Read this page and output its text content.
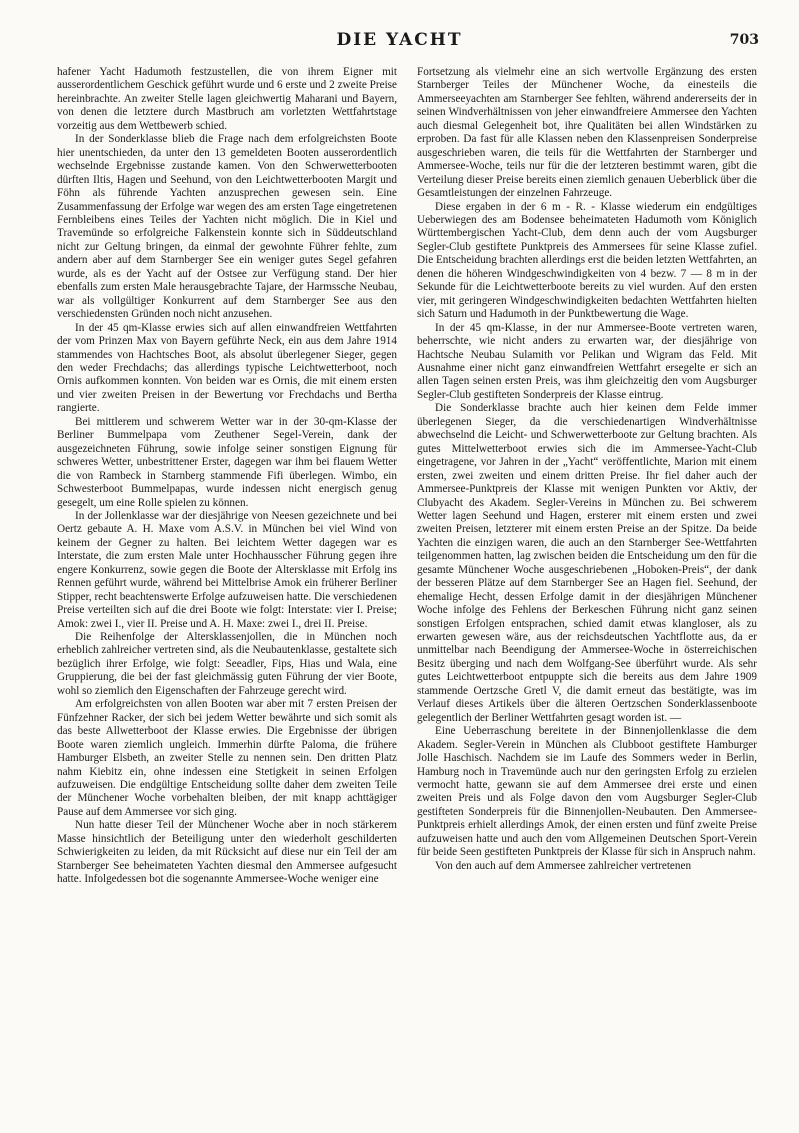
DIE YACHT	703

hafener Yacht Hadumoth festzustellen, die von ihrem Eigner mit ausserordentlichem Geschick geführt wurde und 6 erste und 2 zweite Preise hereinbrachte. An zweiter Stelle lagen gleichwertig Maharani und Bayern, von denen die letztere durch Mastbruch am vorletzten Wettfahrtstage vorzeitig aus dem Wettbewerb schied.

In der Sonderklasse blieb die Frage nach dem erfolgreichsten Boote hier unentschieden, da unter den 13 gemeldeten Booten ausserordentlich wechselnde Ergebnisse zustande kamen. Von den Schwerwetterbooten dürften Iltis, Hagen und Seehund, von den Leichtwetterbooten Margit und Föhn als führende Yachten anzusprechen gewesen sein. Eine Zusammenfassung der Erfolge war wegen des am ersten Tage eingetretenen Fernbleibens eines Teiles der Yachten nicht möglich. Die in Kiel und Travemünde so erfolgreiche Falkenstein konnte sich in Süddeutschland nicht zur Geltung bringen, da einmal der gewohnte Führer fehlte, zum andern aber auf dem Starnberger See ein weniger gutes Segel gefahren wurde, als es der Yacht auf der Ostsee zur Verfügung stand. Der hier ebenfalls zum ersten Male herausgebrachte Tajare, der Harmssche Neubau, war als vollgültiger Konkurrent auf dem Starnberger See aus den verschiedensten Gründen noch nicht anzusehen.

In der 45 qm-Klasse erwies sich auf allen einwandfreien Wettfahrten der vom Prinzen Max von Bayern geführte Neck, ein aus dem Jahre 1914 stammendes von Hachtsches Boot, als absolut überlegener Sieger, gegen den weder Frechdachs; das allerdings typische Leichtwetterboot, noch Ornis aufkommen konnten. Von beiden war es Ornis, die mit einem ersten und vier zweiten Preisen in der Bewertung vor Frechdachs und Bertha rangierte.

Bei mittlerem und schwerem Wetter war in der 30-qm-Klasse der Berliner Bummelpapa vom Zeuthener Segel-Verein, dank der ausgezeichneten Führung, sowie infolge seiner sonstigen Eignung für schweres Wetter, unbestrittener Erster, dagegen war ihm bei flauem Wetter die von Rambeck in Starnberg stammende Fifi überlegen. Wimbo, ein Schwesterboot Bummelpapas, wurde indessen nicht energisch genug gesegelt, um eine Rolle spielen zu können.

In der Jollenklasse war der diesjährige von Neesen gezeichnete und bei Oertz gebaute A. H. Maxe vom A.S.V. in München bei viel Wind von keinem der Gegner zu halten. Bei leichtem Wetter dagegen war es Interstate, die zum ersten Male unter Hochhausscher Führung gegen ihre engere Konkurrenz, sowie gegen die Boote der Altersklasse mit Erfolg ins Rennen geführt wurde, während bei Mittelbrise Amok ein früherer Berliner Stipper, recht beachtenswerte Erfolge aufzuweisen hatte. Die verschiedenen Preise verteilten sich auf die drei Boote wie folgt: Interstate: vier I. Preise; Amok: zwei I., vier II. Preise und A. H. Maxe: zwei I., drei II. Preise.

Die Reihenfolge der Altersklassenjollen, die in München noch erheblich zahlreicher vertreten sind, als die Neubautenklasse, gestaltete sich bezüglich ihrer Erfolge, wie folgt: Seeadler, Fips, Hias und Wala, eine Gruppierung, die bei der fast gleichmässig guten Führung der vier Boote, wohl so ziemlich den Eigenschaften der Fahrzeuge gerecht wird.

Am erfolgreichsten von allen Booten war aber mit 7 ersten Preisen der Fünfzehner Racker, der sich bei jedem Wetter bewährte und sich somit als das beste Allwetterboot der Klasse erwies. Die Ergebnisse der übrigen Boote waren ziemlich ungleich. Immerhin dürfte Paloma, die frühere Hamburger Elsbeth, an zweiter Stelle zu nennen sein. Den dritten Platz nahm Kiebitz ein, ohne indessen eine Stetigkeit in seinen Erfolgen aufzuweisen. Die endgültige Entscheidung sollte daher dem zweiten Teile der Münchener Woche vorbehalten bleiben, der mit knapp achttägiger Pause auf dem Ammersee vor sich ging.

Nun hatte dieser Teil der Münchener Woche aber in noch stärkerem Masse hinsichtlich der Beteiligung unter den wiederholt geschilderten Schwierigkeiten zu leiden, da mit Rücksicht auf diese nur ein Teil der am Starnberger See beheimateten Yachten diesmal den Ammersee aufgesucht hatte. Infolgedessen bot die sogenannte Ammersee-Woche weniger eine

Fortsetzung als vielmehr eine an sich wertvolle Ergänzung des ersten Starnberger Teiles der Münchener Woche, da einesteils die Ammerseeyachten am Starnberger See fehlten, während andererseits der in seinen Windverhältnissen von jeher einwandfreiere Ammersee den Yachten auch diesmal Gelegenheit bot, ihre Qualitäten bei allen Windstärken zu erproben. Da fast für alle Klassen neben den Klassenpreisen Sonderpreise ausgeschrieben waren, die teils für die Wettfahrten der Starnberger und Ammersee-Woche, teils nur für die der letzteren bestimmt waren, gibt die Verteilung dieser Preise bereits einen ziemlich genauen Ueberblick über die Gesamtleistungen der einzelnen Fahrzeuge.

Diese ergaben in der 6 m - R. - Klasse wiederum ein endgültiges Ueberwiegen des am Bodensee beheimateten Hadumoth vom Königlich Württembergischen Yacht-Club, dem denn auch der vom Augsburger Segler-Club gestiftete Punktpreis des Ammersees für seine Klasse zufiel. Die Entscheidung brachten allerdings erst die beiden letzten Wettfahrten, an denen die höheren Windgeschwindigkeiten von 4 bezw. 7 — 8 m in der Sekunde für die Leichtwetterboote bereits zu viel wurden. Auf den ersten vier, mit geringeren Windgeschwindigkeiten bedachten Wettfahrten hielten sich Saturn und Hadumoth in der Punktbewertung die Wage.

In der 45 qm-Klasse, in der nur Ammersee-Boote vertreten waren, beherrschte, wie nicht anders zu erwarten war, der diesjährige von Hachtsche Neubau Sulamith vor Pelikan und Wigram das Feld. Mit Ausnahme einer nicht ganz einwandfreien Wettfahrt ersegelte er sich an allen Tagen seinen ersten Preis, was ihm gleichzeitig den vom Augsburger Segler-Club gestifteten Sonderpreis der Klasse eintrug.

Die Sonderklasse brachte auch hier keinen dem Felde immer überlegenen Sieger, da die verschiedenartigen Windverhältnisse abwechselnd die Leicht- und Schwerwetterboote zur Geltung brachten. Als gutes Mittelwetterboot erwies sich die im Ammersee-Yacht-Club eingetragene, vor Jahren in der „Yacht“ veröffentlichte, Marion mit einem ersten, zwei zweiten und einem dritten Preise. Ihr fiel daher auch der Ammersee-Punktpreis der Klasse mit wenigen Punkten vor Aktiv, der Clubyacht des Akadem. Segler-Vereins in München zu. Bei schwerem Wetter lagen Seehund und Hagen, ersterer mit einem ersten und zwei zweiten Preisen, letzterer mit einem ersten Preise an der Spitze. Da beide Yachten die einzigen waren, die auch an den Starnberger See-Wettfahrten teilgenommen hatten, lag zwischen beiden die Entscheidung um den für die gesamte Münchener Woche ausgeschriebenen „Hoboken-Preis“, der dank der besseren Plätze auf dem Starnberger See an Hagen fiel. Seehund, der ehemalige Hecht, dessen Erfolge damit in der diesjährigen Münchener Woche infolge des Fehlens der Berkeschen Führung nicht ganz seinen sonstigen Erfolgen entsprachen, schied damit etwas klangloser, als zu erwarten gewesen wäre, aus der reichsdeutschen Yachtflotte aus, da er unmittelbar nach Beendigung der Ammersee-Woche in österreichischen Besitz überging und nach dem Wolfgang-See überführt wurde. Als sehr gutes Leichtwetterboot entpuppte sich die bereits aus dem Jahre 1909 stammende Oertzsche Gretl V, die damit erneut das bestätigte, was im Verlauf dieses Artikels über die älteren Oertzschen Sonderklassenboote gelegentlich der Berliner Wettfahrten gesagt worden ist. —

Eine Ueberraschung bereitete in der Binnenjollenklasse die dem Akadem. Segler-Verein in München als Clubboot gestiftete Hamburger Jolle Haschisch. Nachdem sie im Laufe des Sommers weder in Berlin, Hamburg noch in Travemünde auch nur den geringsten Erfolg zu erzielen vermocht hatte, gewann sie auf dem Ammersee drei erste und einen zweiten Preis und als Folge davon den vom Augsburger Segler-Club gestifteten Sonderpreis für die Binnenjollen-Neubauten. Den Ammersee-Punktpreis erhielt allerdings Amok, der einen ersten und fünf zweite Preise aufzuweisen hatte und auch den vom Allgemeinen Deutschen Sport-Verein für beide Seen gestifteten Punktpreis der Klasse für sich in Anspruch nahm.

Von den auch auf dem Ammersee zahlreicher vertretenen
